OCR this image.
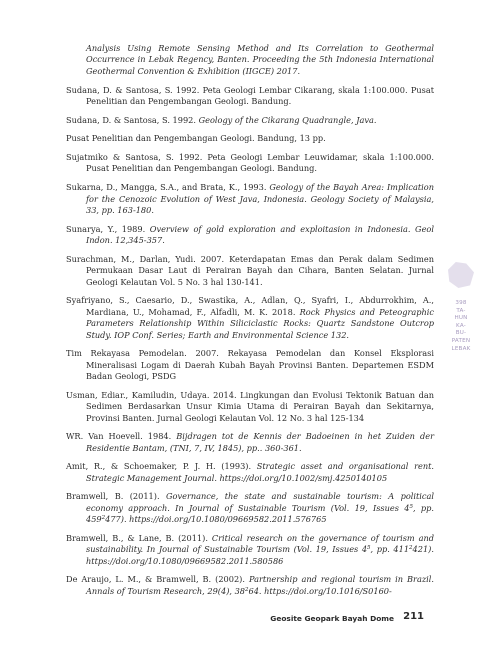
Analysis Using Remote Sensing Method and Its Correlation to Geothermal Occurrence in Lebak Regency, Banten. Proceeding the 5th Indonesia International Geothermal Convention & Exhibition (IIGCE) 2017.

Sudana, D. & Santosa, S. 1992. Peta Geologi Lembar Cikarang, skala 1:100.000. Pusat Penelitian dan Pengembangan Geologi. Bandung.

Sudana, D. & Santosa, S. 1992. Geology of the Cikarang Quadrangle, Java.

Pusat Penelitian dan Pengembangan Geologi. Bandung, 13 pp.

Sujatmiko & Santosa, S. 1992. Peta Geologi Lembar Leuwidamar, skala 1:100.000. Pusat Penelitian dan Pengembangan Geologi. Bandung.

Sukarna, D., Mangga, S.A., and Brata, K., 1993. Geology of the Bayah Area: Implication for the Cenozoic Evolution of West Java, Indonesia. Geology Society of Malaysia, 33, pp. 163-180.

Sunarya, Y., 1989. Overview of gold exploration and exploitasion in Indonesia. Geol Indon. 12,345-357.

Surachman, M., Darlan, Yudi. 2007. Keterdapatan Emas dan Perak dalam Sedimen Permukaan Dasar Laut di Perairan Bayah dan Cihara, Banten Selatan. Jurnal Geologi Kelautan Vol. 5 No. 3 hal 130-141.

Syafriyano, S., Caesario, D., Swastika, A., Adlan, Q., Syafri, I., Abdurrokhim, A., Mardiana, U., Mohamad, F., Alfadli, M. K. 2018. Rock Physics and Peteographic Parameters Relationship Within Siliciclastic Rocks: Quartz Sandstone Outcrop Study. IOP Conf. Series; Earth and Environmental Science 132.

Tim Rekayasa Pemodelan. 2007. Rekayasa Pemodelan dan Konsel Eksplorasi Mineralisasi Logam di Daerah Kubah Bayah Provinsi Banten. Departemen ESDM Badan Geologi, PSDG

Usman, Ediar., Kamiludin, Udaya. 2014. Lingkungan dan Evolusi Tektonik Batuan dan Sedimen Berdasarkan Unsur Kimia Utama di Perairan Bayah dan Sekitarnya, Provinsi Banten. Jurnal Geologi Kelautan Vol. 12 No. 3 hal 125-134

WR. Van Hoevell. 1984. Bijdragen tot de Kennis der Badoeinen in het Zuiden der Residentie Bantam, (TNI, 7, IV, 1845), pp.. 360-361.

Amit, R., & Schoemaker, P. J. H. (1993). Strategic asset and organisational rent. Strategic Management Journal. https://doi.org/10.1002/smj.4250140105

Bramwell, B. (2011). Governance, the state and sustainable tourism: A political economy approach. In Journal of Sustainable Tourism (Vol. 19, Issues $4^5$, pp. $459^2477$). https://doi.org/10.1080/09669582.2011.576765

Bramwell, B., & Lane, B. (2011). Critical research on the governance of tourism and sustainability. In Journal of Sustainable Tourism (Vol. 19, Issues $4^5$, pp. $411^2421$). https://doi.org/10.1080/09669582.2011.580586

De Araujo, L. M., & Bramwell, B. (2002). Partnership and regional tourism in Brazil. Annals of Tourism Research, 29(4), $38^264$. https://doi.org/10.1016/S0160-

398
TA-
HUN
KA-
BU-
PATEN
LEBAK
Geosite Geopark Bayah Dome 211
